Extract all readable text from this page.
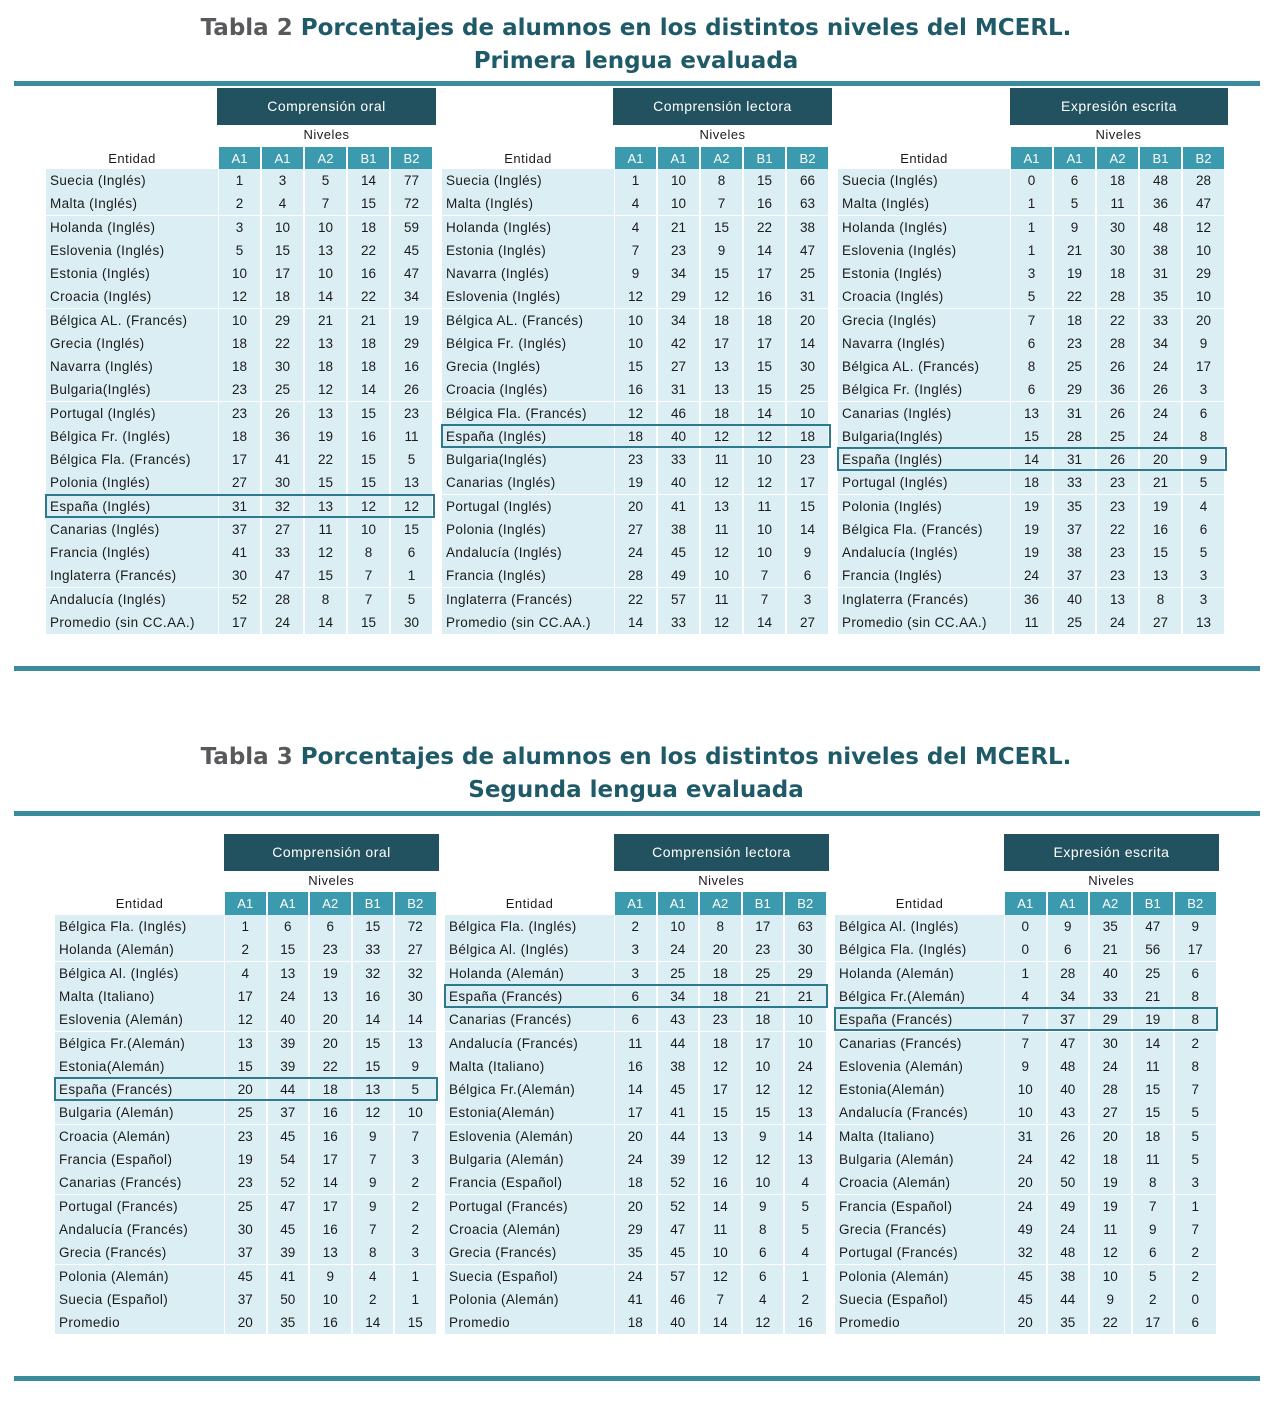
Tabla 2 Porcentajes de alumnos en los distintos niveles del MCERL.
Primera lengua evaluada
Comprensión oral
Niveles
Entidad	A1	A1	A2	B1	B2
Suecia (Inglés)	1	3	5	14	77
Malta (Inglés)	2	4	7	15	72
Holanda (Inglés)	3	10	10	18	59
Eslovenia (Inglés)	5	15	13	22	45
Estonia (Inglés)	10	17	10	16	47
Croacia (Inglés)	12	18	14	22	34
Bélgica AL. (Francés)	10	29	21	21	19
Grecia (Inglés)	18	22	13	18	29
Navarra (Inglés)	18	30	18	18	16
Bulgaria(Inglés)	23	25	12	14	26
Portugal (Inglés)	23	26	13	15	23
Bélgica Fr. (Inglés)	18	36	19	16	11
Bélgica Fla. (Francés)	17	41	22	15	5
Polonia (Inglés)	27	30	15	15	13
España (Inglés)	31	32	13	12	12
Canarias (Inglés)	37	27	11	10	15
Francia (Inglés)	41	33	12	8	6
Inglaterra (Francés)	30	47	15	7	1
Andalucía (Inglés)	52	28	8	7	5
Promedio (sin CC.AA.)	17	24	14	15	30
Comprensión lectora
Niveles
Entidad	A1	A1	A2	B1	B2
Suecia (Inglés)	1	10	8	15	66
Malta (Inglés)	4	10	7	16	63
Holanda (Inglés)	4	21	15	22	38
Estonia (Inglés)	7	23	9	14	47
Navarra (Inglés)	9	34	15	17	25
Eslovenia (Inglés)	12	29	12	16	31
Bélgica AL. (Francés)	10	34	18	18	20
Bélgica Fr. (Inglés)	10	42	17	17	14
Grecia (Inglés)	15	27	13	15	30
Croacia (Inglés)	16	31	13	15	25
Bélgica Fla. (Francés)	12	46	18	14	10
España (Inglés)	18	40	12	12	18
Bulgaria(Inglés)	23	33	11	10	23
Canarias (Inglés)	19	40	12	12	17
Portugal (Inglés)	20	41	13	11	15
Polonia (Inglés)	27	38	11	10	14
Andalucía (Inglés)	24	45	12	10	9
Francia (Inglés)	28	49	10	7	6
Inglaterra (Francés)	22	57	11	7	3
Promedio (sin CC.AA.)	14	33	12	14	27
Expresión escrita
Niveles
Entidad	A1	A1	A2	B1	B2
Suecia (Inglés)	0	6	18	48	28
Malta (Inglés)	1	5	11	36	47
Holanda (Inglés)	1	9	30	48	12
Eslovenia (Inglés)	1	21	30	38	10
Estonia (Inglés)	3	19	18	31	29
Croacia (Inglés)	5	22	28	35	10
Grecia (Inglés)	7	18	22	33	20
Navarra (Inglés)	6	23	28	34	9
Bélgica AL. (Francés)	8	25	26	24	17
Bélgica Fr. (Inglés)	6	29	36	26	3
Canarias (Inglés)	13	31	26	24	6
Bulgaria(Inglés)	15	28	25	24	8
España (Inglés)	14	31	26	20	9
Portugal (Inglés)	18	33	23	21	5
Polonia (Inglés)	19	35	23	19	4
Bélgica Fla. (Francés)	19	37	22	16	6
Andalucía (Inglés)	19	38	23	15	5
Francia (Inglés)	24	37	23	13	3
Inglaterra (Francés)	36	40	13	8	3
Promedio (sin CC.AA.)	11	25	24	27	13
Tabla 3 Porcentajes de alumnos en los distintos niveles del MCERL.
Segunda lengua evaluada
Comprensión oral
Niveles
Entidad	A1	A1	A2	B1	B2
Bélgica Fla. (Inglés)	1	6	6	15	72
Holanda (Alemán)	2	15	23	33	27
Bélgica Al. (Inglés)	4	13	19	32	32
Malta (Italiano)	17	24	13	16	30
Eslovenia (Alemán)	12	40	20	14	14
Bélgica Fr.(Alemán)	13	39	20	15	13
Estonia(Alemán)	15	39	22	15	9
España (Francés)	20	44	18	13	5
Bulgaria (Alemán)	25	37	16	12	10
Croacia (Alemán)	23	45	16	9	7
Francia (Español)	19	54	17	7	3
Canarias (Francés)	23	52	14	9	2
Portugal (Francés)	25	47	17	9	2
Andalucía (Francés)	30	45	16	7	2
Grecia (Francés)	37	39	13	8	3
Polonia (Alemán)	45	41	9	4	1
Suecia (Español)	37	50	10	2	1
Promedio	20	35	16	14	15
Comprensión lectora
Niveles
Entidad	A1	A1	A2	B1	B2
Bélgica Fla. (Inglés)	2	10	8	17	63
Bélgica Al. (Inglés)	3	24	20	23	30
Holanda (Alemán)	3	25	18	25	29
España (Francés)	6	34	18	21	21
Canarias (Francés)	6	43	23	18	10
Andalucía (Francés)	11	44	18	17	10
Malta (Italiano)	16	38	12	10	24
Bélgica Fr.(Alemán)	14	45	17	12	12
Estonia(Alemán)	17	41	15	15	13
Eslovenia (Alemán)	20	44	13	9	14
Bulgaria (Alemán)	24	39	12	12	13
Francia (Español)	18	52	16	10	4
Portugal (Francés)	20	52	14	9	5
Croacia (Alemán)	29	47	11	8	5
Grecia (Francés)	35	45	10	6	4
Suecia (Español)	24	57	12	6	1
Polonia (Alemán)	41	46	7	4	2
Promedio	18	40	14	12	16
Expresión escrita
Niveles
Entidad	A1	A1	A2	B1	B2
Bélgica Al. (Inglés)	0	9	35	47	9
Bélgica Fla. (Inglés)	0	6	21	56	17
Holanda (Alemán)	1	28	40	25	6
Bélgica Fr.(Alemán)	4	34	33	21	8
España (Francés)	7	37	29	19	8
Canarias (Francés)	7	47	30	14	2
Eslovenia (Alemán)	9	48	24	11	8
Estonia(Alemán)	10	40	28	15	7
Andalucía (Francés)	10	43	27	15	5
Malta (Italiano)	31	26	20	18	5
Bulgaria (Alemán)	24	42	18	11	5
Croacia (Alemán)	20	50	19	8	3
Francia (Español)	24	49	19	7	1
Grecia (Francés)	49	24	11	9	7
Portugal (Francés)	32	48	12	6	2
Polonia (Alemán)	45	38	10	5	2
Suecia (Español)	45	44	9	2	0
Promedio	20	35	22	17	6
